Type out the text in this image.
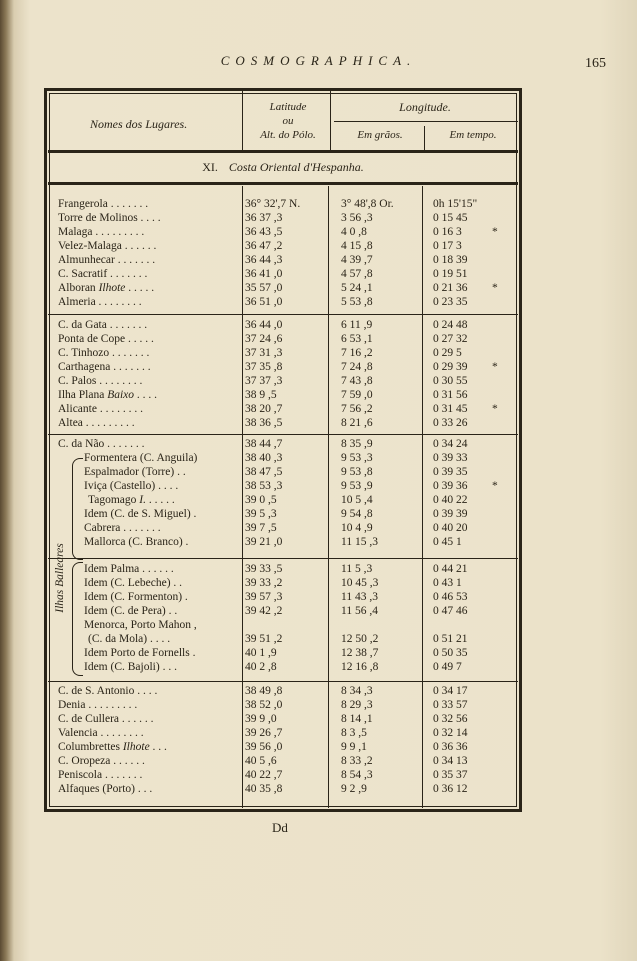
COSMOGRAPHICA.	165
Nomes dos Lugares.
Latitude
ou
Alt. do Pólo.
Longitude.
Em grãos.	Em tempo.
XI. Costa Oriental d'Hespanha.
Ilhas Balleares
Frangerola . . . . . . .	36° 32',7 N.	3° 48',8 Or.	0h 15'15"
Torre de Molinos . . . .	36 37 ,3	3 56 ,3	0 15 45
Malaga . . . . . . . . .	36 43 ,5	4 0 ,8	0 16 3	*
Velez-Malaga . . . . . .	36 47 ,2	4 15 ,8	0 17 3
Almunhecar . . . . . . .	36 44 ,3	4 39 ,7	0 18 39
C. Sacratif . . . . . . .	36 41 ,0	4 57 ,8	0 19 51
Alboran Ilhote . . . . .	35 57 ,0	5 24 ,1	0 21 36 *
Almeria . . . . . . . .	36 51 ,0	5 53 ,8	0 23 35
C. da Gata . . . . . . .	36 44 ,0	6 11 ,9	0 24 48
Ponta de Cope . . . . .	37 24 ,6	6 53 ,1	0 27 32
C. Tinhozo . . . . . . .	37 31 ,3	7 16 ,2	0 29 5
Carthagena . . . . . . .	37 35 ,8	7 24 ,8	0 29 39 *
C. Palos . . . . . . . .	37 37 ,3	7 43 ,8	0 30 55
Ilha Plana Baixo . . . .	38 9 ,5	7 59 ,0	0 31 56
Alicante . . . . . . . .	38 20 ,7	7 56 ,2	0 31 45 *
Altea . . . . . . . . .	38 36 ,5	8 21 ,6	0 33 26
C. da Não . . . . . . .	38 44 ,7	8 35 ,9	0 34 24
Formentera (C. Anguila)	38 40 ,3	9 53 ,3	0 39 33
Espalmador (Torre) . .	38 47 ,5	9 53 ,8	0 39 35
Iviça (Castello) . . . .	38 53 ,3	9 53 ,9	0 39 36 *
Tagomago I. . . . . .	39 0 ,5	10 5 ,4	0 40 22
Idem (C. de S. Miguel) .	39 5 ,3	9 54 ,8	0 39 39
Cabrera . . . . . . .	39 7 ,5	10 4 ,9	0 40 20
Mallorca (C. Branco) .	39 21 ,0	11 15 ,3	0 45 1
Idem Palma . . . . . .	39 33 ,5	11 5 ,3	0 44 21
Idem (C. Lebeche) . .	39 33 ,2	10 45 ,3	0 43 1
Idem (C. Formenton) .	39 57 ,3	11 43 ,3	0 46 53
Idem (C. de Pera) . .	39 42 ,2	11 56 ,4	0 47 46
Menorca, Porto Mahon ,
(C. da Mola) . . . .	39 51 ,2	12 50 ,2	0 51 21
Idem Porto de Fornells .	40 1 ,9	12 38 ,7	0 50 35
Idem (C. Bajoli) . . .	40 2 ,8	12 16 ,8	0 49 7
C. de S. Antonio . . . .	38 49 ,8	8 34 ,3	0 34 17
Denia . . . . . . . . .	38 52 ,0	8 29 ,3	0 33 57
C. de Cullera . . . . . .	39 9 ,0	8 14 ,1	0 32 56
Valencia . . . . . . . .	39 26 ,7	8 3 ,5	0 32 14
Columbrettes Ilhote . . .	39 56 ,0	9 9 ,1	0 36 36
C. Oropeza . . . . . .	40 5 ,6	8 33 ,2	0 34 13
Peniscola . . . . . . .	40 22 ,7	8 54 ,3	0 35 37
Alfaques (Porto) . . .	40 35 ,8	9 2 ,9	0 36 12
Dd
